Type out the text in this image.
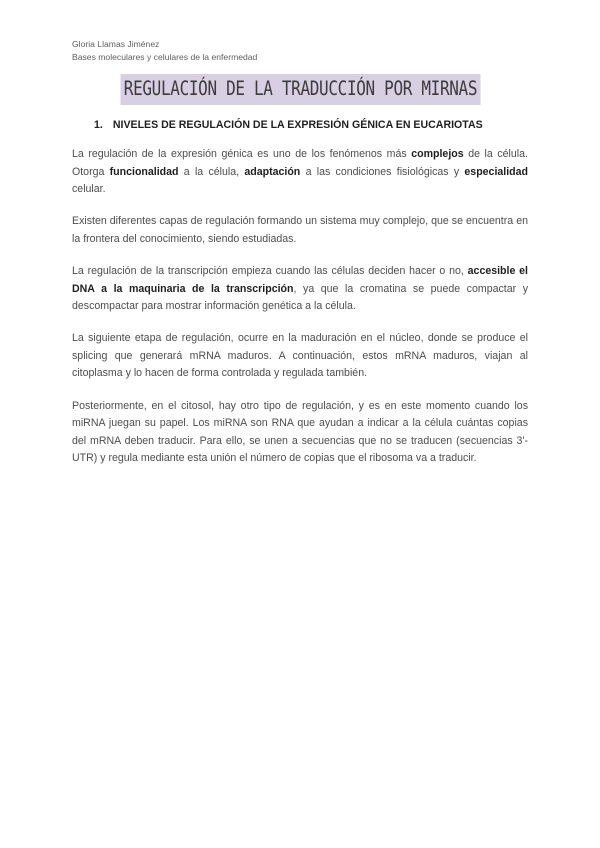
Gloria Llamas Jiménez
Bases moleculares y celulares de la enfermedad
REGULACIÓN DE LA TRADUCCIÓN POR MIRNAS
1. NIVELES DE REGULACIÓN DE LA EXPRESIÓN GÉNICA EN EUCARIOTAS

La regulación de la expresión génica es uno de los fenómenos más complejos de la célula. Otorga funcionalidad a la célula, adaptación a las condiciones fisiológicas y especialidad celular.

Existen diferentes capas de regulación formando un sistema muy complejo, que se encuentra en la frontera del conocimiento, siendo estudiadas.

La regulación de la transcripción empieza cuando las células deciden hacer o no, accesible el DNA a la maquinaria de la transcripción, ya que la cromatina se puede compactar y descompactar para mostrar información genética a la célula.

La siguiente etapa de regulación, ocurre en la maduración en el núcleo, donde se produce el splicing que generará mRNA maduros. A continuación, estos mRNA maduros, viajan al citoplasma y lo hacen de forma controlada y regulada también.

Posteriormente, en el citosol, hay otro tipo de regulación, y es en este momento cuando los miRNA juegan su papel. Los miRNA son RNA que ayudan a indicar a la célula cuántas copias del mRNA deben traducir. Para ello, se unen a secuencias que no se traducen (secuencias 3'-UTR) y regula mediante esta unión el número de copias que el ribosoma va a traducir.
